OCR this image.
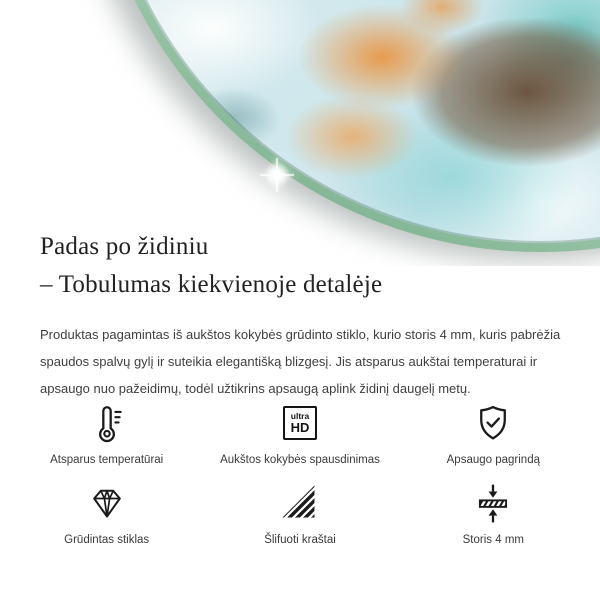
Padas po židiniu
– Tobulumas kiekvienoje detalėje

Produktas pagamintas iš aukštos kokybės grūdinto stiklo, kurio storis 4 mm, kuris pabrėžia spaudos spalvų gylį ir suteikia elegantišką blizgesį. Jis atsparus aukštai temperaturai ir apsaugo nuo pažeidimų, todėl užtikrins apsaugą aplink židinį daugelį metų.

Atsparus temperatūrai
ultra
HD
Aukštos kokybės spausdinimas	Apsaugo pagrindą
Grūdintas stiklas	Šlifuoti kraštai	Storis 4 mm
